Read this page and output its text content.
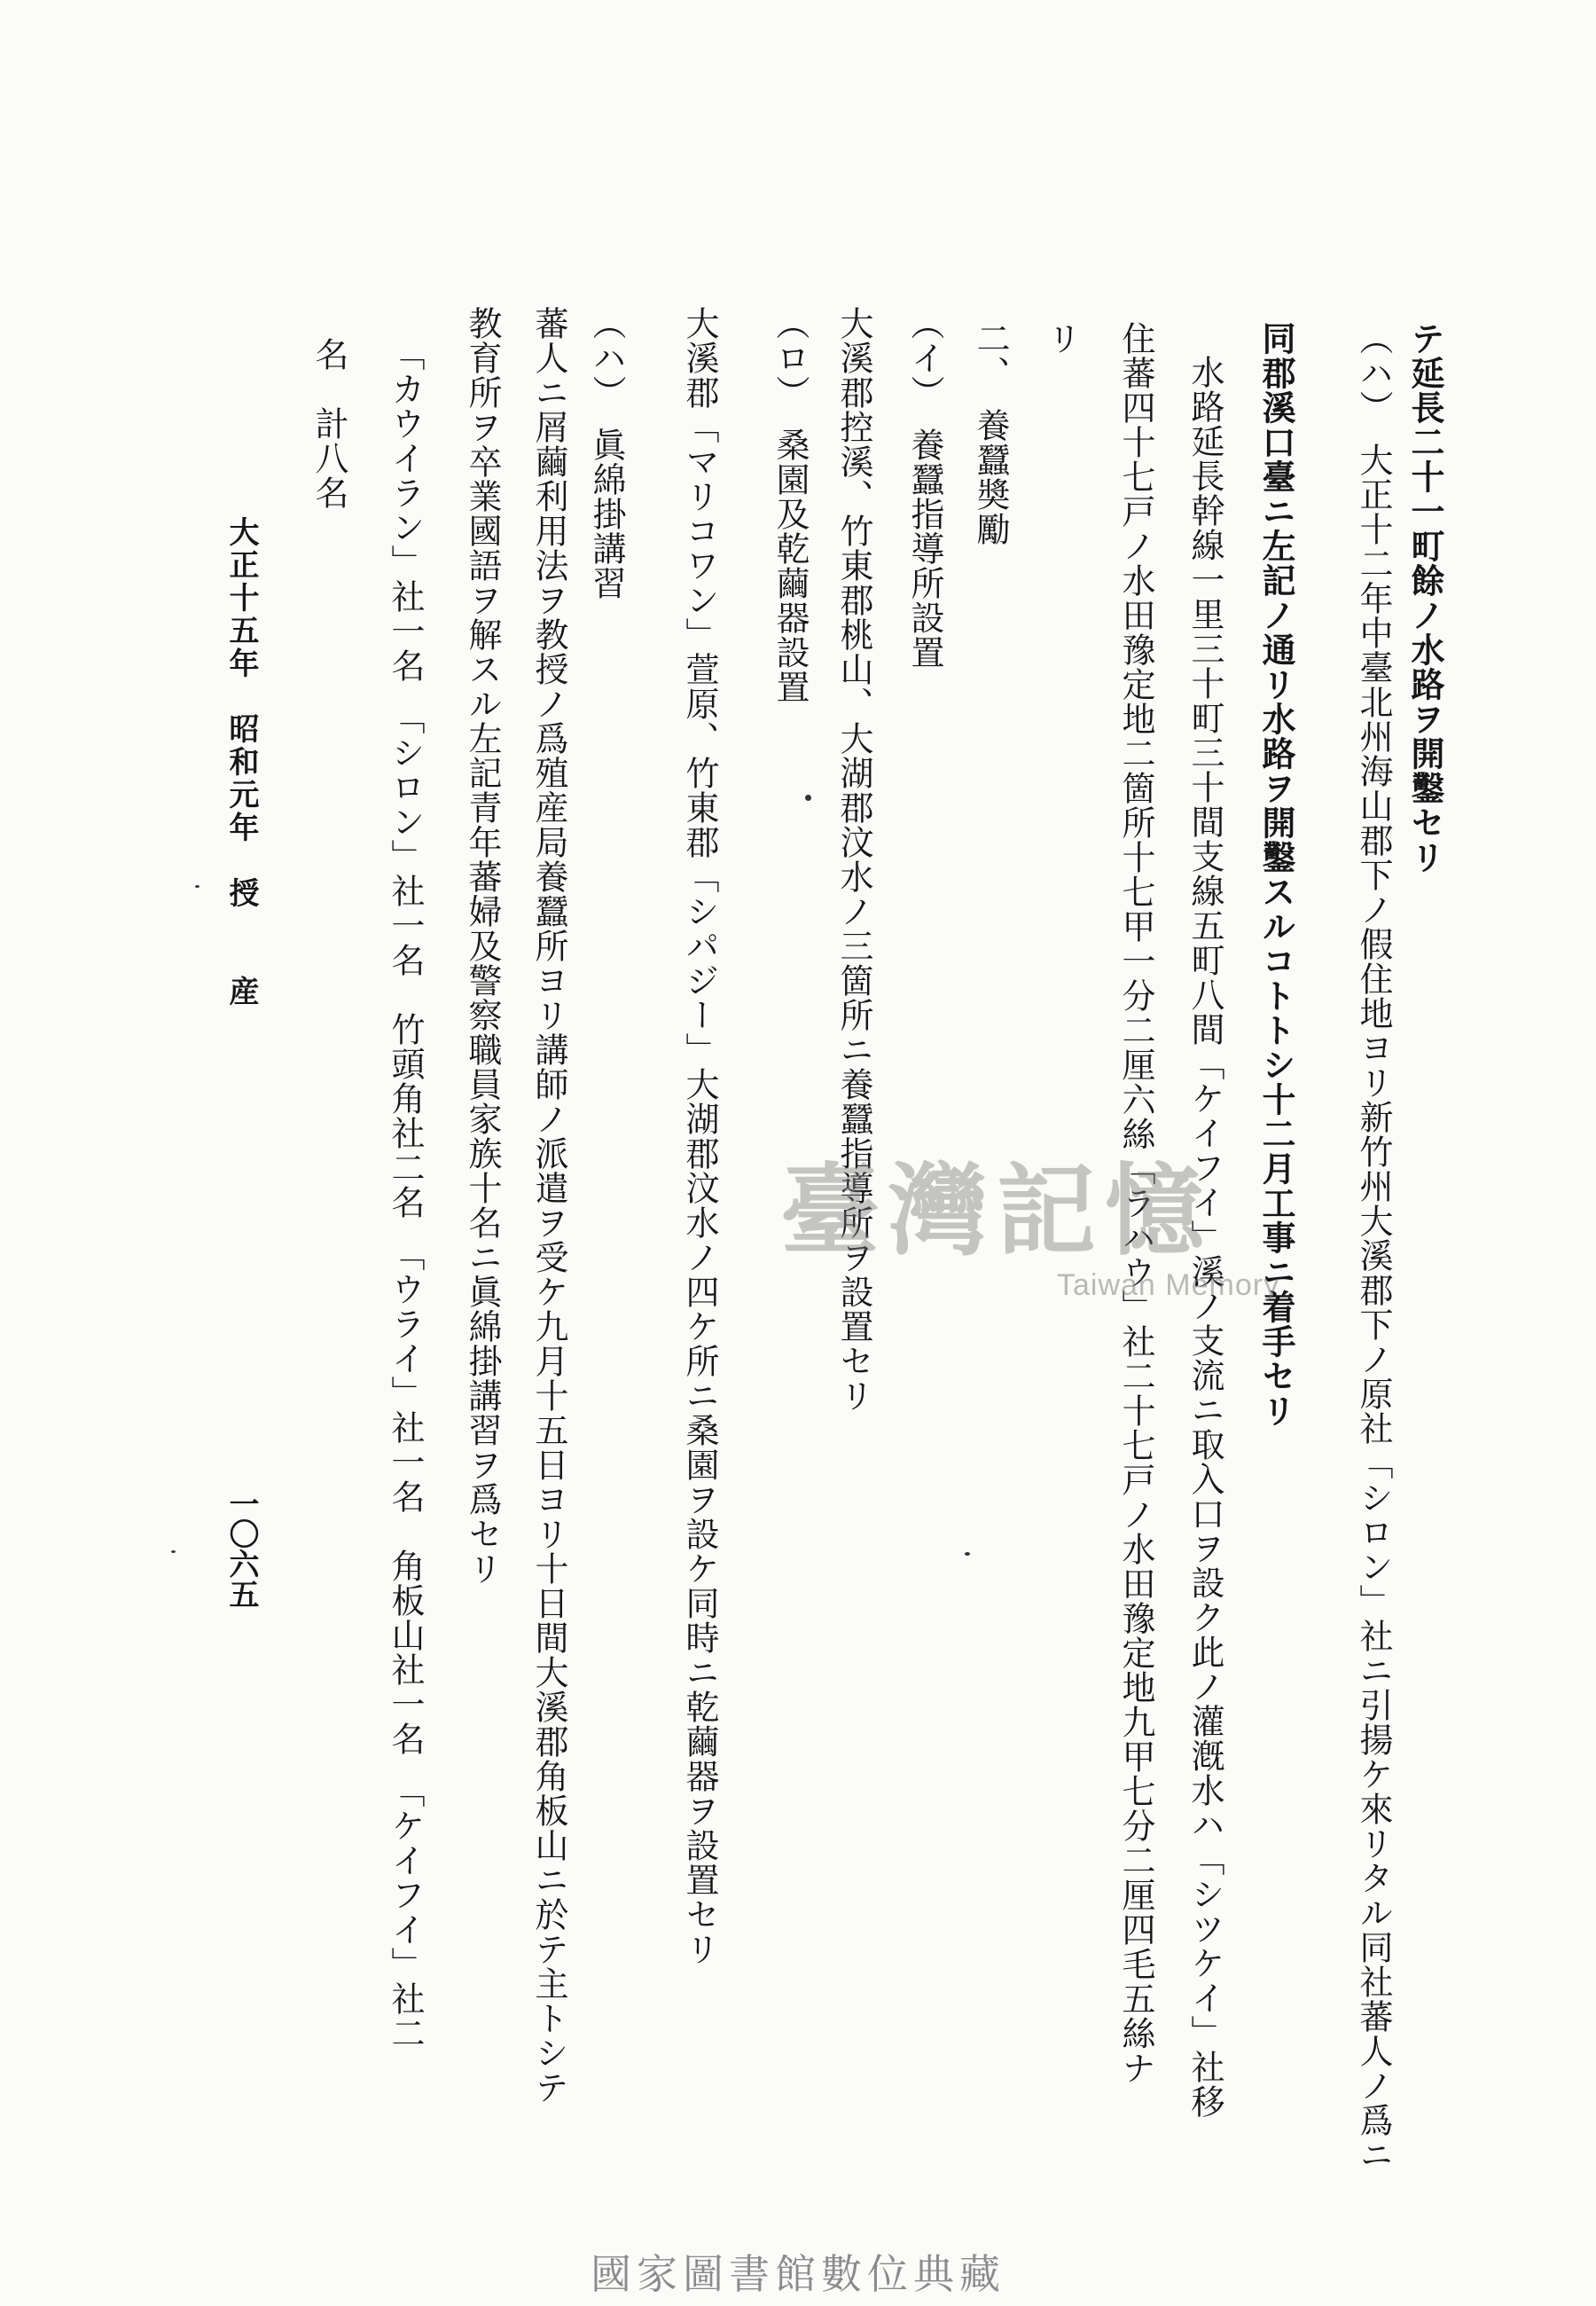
テ延長二十一町餘ノ水路ヲ開鑿セリ
（ハ）　大正十二年中臺北州海山郡下ノ假住地ヨリ新竹州大溪郡下ノ原社「シロン」社ニ引揚ケ來リタル同社蕃人ノ爲ニ
同郡溪口臺ニ左記ノ通リ水路ヲ開鑿スルコトトシ十二月工事ニ着手セリ
水路延長幹線一里三十町三十間支線五町八間「ケイフイ」溪ノ支流ニ取入口ヲ設ク此ノ灌漑水ハ「シツケイ」社移
住蕃四十七戸ノ水田豫定地二箇所十七甲一分二厘六絲「ラハウ」社二十七戸ノ水田豫定地九甲七分二厘四毛五絲ナ
リ
二、　養蠶奬勵
（イ）　養蠶指導所設置
大溪郡控溪、竹東郡桃山、大湖郡汶水ノ三箇所ニ養蠶指導所ヲ設置セリ
（ロ）　桑園及乾繭器設置
大溪郡「マリコワン」萱原、竹東郡「シパジー」大湖郡汶水ノ四ケ所ニ桑園ヲ設ケ同時ニ乾繭器ヲ設置セリ
（ハ）　眞綿掛講習
蕃人ニ屑繭利用法ヲ教授ノ爲殖産局養蠶所ヨリ講師ノ派遣ヲ受ケ九月十五日ヨリ十日間大溪郡角板山ニ於テ主トシテ
教育所ヲ卒業國語ヲ解スル左記青年蕃婦及警察職員家族十名ニ眞綿掛講習ヲ爲セリ
「カウイラン」社一名　「シロン」社一名　竹頭角社二名　「ウライ」社一名　角板山社一名　「ケイフイ」社二
名　計八名
大正十五年　昭和元年　授　　産
一〇六五
臺灣記憶
Taiwan Memory
國家圖書館數位典藏
